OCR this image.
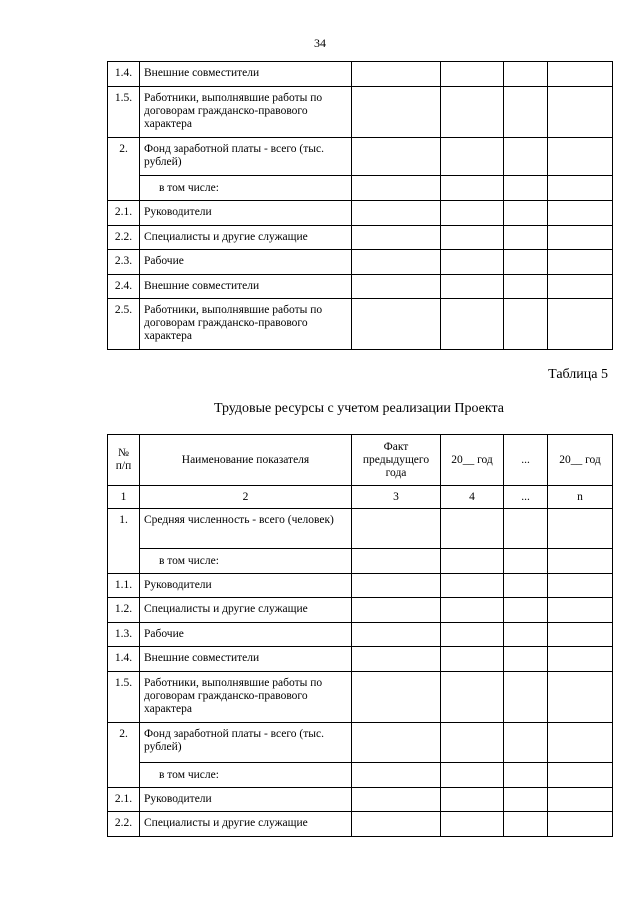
34
1.4.	Внешние совместители				
1.5.	Работники, выполнявшие работы по договорам гражданско-правового характера				
2.	Фонд заработной платы - всего (тыс. рублей)				
	в том числе:				
2.1.	Руководители				
2.2.	Специалисты и другие служащие				
2.3.	Рабочие				
2.4.	Внешние совместители				
2.5.	Работники, выполнявшие работы по договорам гражданско-правового характера				
Таблица 5
Трудовые ресурсы с учетом реализации Проекта
№ п/п	Наименование показателя	Факт предыдущего года	20__ год	...	20__ год
1	2	3	4	...	n
1.	Средняя численность - всего (человек)				
	в том числе:				
1.1.	Руководители				
1.2.	Специалисты и другие служащие				
1.3.	Рабочие				
1.4.	Внешние совместители				
1.5.	Работники, выполнявшие работы по договорам гражданско-правового характера				
2.	Фонд заработной платы - всего (тыс. рублей)				
	в том числе:				
2.1.	Руководители				
2.2.	Специалисты и другие служащие				
